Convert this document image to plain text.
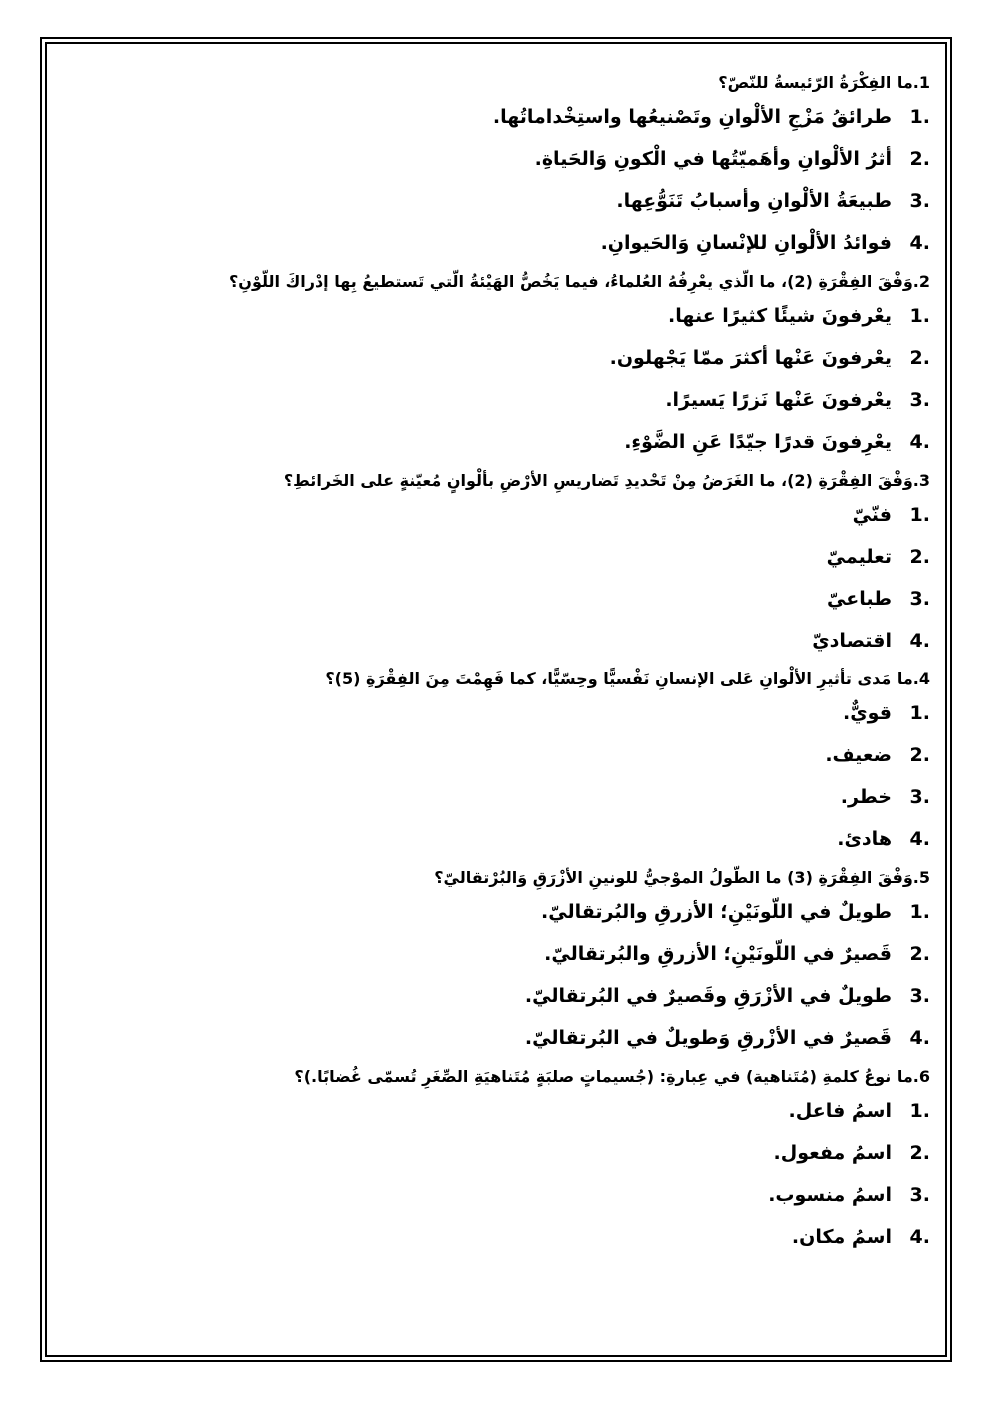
1.ما الفِكْرَةُ الرّئيسةُ للنّصّ؟

1.طرائقُ مَزْجِ الألْوانِ وتَصْنيعُها واستِخْداماتُها.
2.أثرُ الألْوانِ وأهَميّتُها في الْكونِ وَالحَياةِ.
3.طبيعَةُ الألْوانِ وأسبابُ تَنَوُّعِها.
4.فوائدُ الألْوانِ للإنْسانِ وَالحَيوانِ.

2.وَفْقَ الفِقْرَةِ (2)، ما الّذي يعْرِفُهُ العُلماءُ، فيما يَخُصُّ الهَيْئةُ الّتي تَستطيعُ بِها إدْراكَ اللّوْنِ؟

1.يعْرفونَ شيئًا كثيرًا عنها.
2.يعْرفونَ عَنْها أكثرَ ممّا يَجْهلون.
3.يعْرفونَ عَنْها نَزرًا يَسيرًا.
4.يعْرِفونَ قدرًا جيّدًا عَنِ الضَّوْءِ.

3.وَفْقَ الفِقْرَةِ (2)، ما الغَرَضُ مِنْ تَحْديدِ تَضاريسِ الأرْضِ بألْوانٍ مُعيّنةٍ على الخَرائطِ؟

1.فنّيّ
2.تعليميّ
3.طباعيّ
4.اقتصاديّ

4.ما مَدى تأثيرِ الألْوانِ عَلى الإنسانِ نَفْسيًّا وحِسّيًّا، كما فَهِمْتَ مِنَ الفِقْرَةِ (5)؟

1.قويٌّ.
2.ضعيف.
3.خطر.
4.هادئ.

5.وَفْقَ الفِقْرَةِ (3) ما الطّولُ الموْجيُّ للونينِ الأزْرَقِ وَالبُرْتقاليّ؟

1.طويلٌ في اللّونَيْنِ؛ الأزرقِ والبُرتقاليّ.
2.قَصيرٌ في اللّونَيْنِ؛ الأزرقِ والبُرتقاليّ.
3.طويلٌ في الأزْرَقِ وقَصيرٌ في البُرتقاليّ.
4.قَصيرٌ في الأزْرقِ وَطويلٌ في البُرتقاليّ.

6.ما نوعُ كلمةِ (مُتَناهية) في عِبارةِ: (جُسيماتٍ صلبَةٍ مُتَناهيَةِ الصِّغَرِ تُسمّى غُضابًا.)؟

1.اسمُ فاعل.
2.اسمُ مفعول.
3.اسمُ منسوب.
4.اسمُ مكان.
